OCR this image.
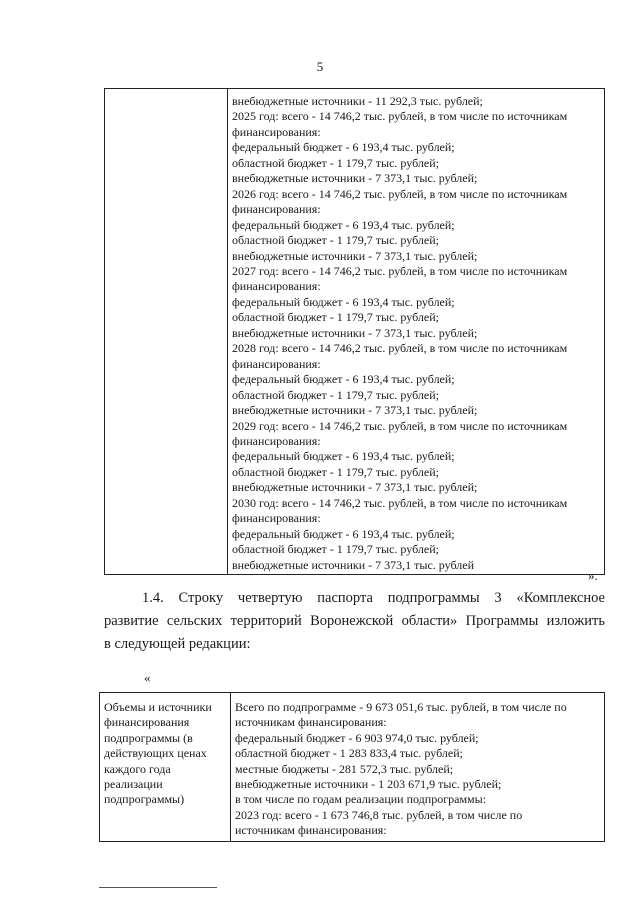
5

внебюджетные источники - 11 292,3 тыс. рублей;
2025 год: всего - 14 746,2 тыс. рублей, в том числе по источникам
финансирования:
федеральный бюджет - 6 193,4 тыс. рублей;
областной бюджет - 1 179,7 тыс. рублей;
внебюджетные источники - 7 373,1 тыс. рублей;
2026 год: всего - 14 746,2 тыс. рублей, в том числе по источникам
финансирования:
федеральный бюджет - 6 193,4 тыс. рублей;
областной бюджет - 1 179,7 тыс. рублей;
внебюджетные источники - 7 373,1 тыс. рублей;
2027 год: всего - 14 746,2 тыс. рублей, в том числе по источникам
финансирования:
федеральный бюджет - 6 193,4 тыс. рублей;
областной бюджет - 1 179,7 тыс. рублей;
внебюджетные источники - 7 373,1 тыс. рублей;
2028 год: всего - 14 746,2 тыс. рублей, в том числе по источникам
финансирования:
федеральный бюджет - 6 193,4 тыс. рублей;
областной бюджет - 1 179,7 тыс. рублей;
внебюджетные источники - 7 373,1 тыс. рублей;
2029 год: всего - 14 746,2 тыс. рублей, в том числе по источникам
финансирования:
федеральный бюджет - 6 193,4 тыс. рублей;
областной бюджет - 1 179,7 тыс. рублей;
внебюджетные источники - 7 373,1 тыс. рублей;
2030 год: всего - 14 746,2 тыс. рублей, в том числе по источникам
финансирования:
федеральный бюджет - 6 193,4 тыс. рублей;
областной бюджет - 1 179,7 тыс. рублей;
внебюджетные источники - 7 373,1 тыс. рублей
».
1.4. Строку четвертую паспорта подпрограммы 3 «Комплексное
развитие сельских территорий Воронежской области» Программы изложить
в следующей редакции:
«
Объемы и источники
финансирования
подпрограммы (в
действующих ценах
каждого года
реализации
подпрограммы)

Всего по подпрограмме - 9 673 051,6 тыс. рублей, в том числе по
источникам финансирования:
федеральный бюджет - 6 903 974,0 тыс. рублей;
областной бюджет - 1 283 833,4 тыс. рублей;
местные бюджеты - 281 572,3 тыс. рублей;
внебюджетные источники - 1 203 671,9 тыс. рублей;
в том числе по годам реализации подпрограммы:
2023 год: всего - 1 673 746,8 тыс. рублей, в том числе по
источникам финансирования:
